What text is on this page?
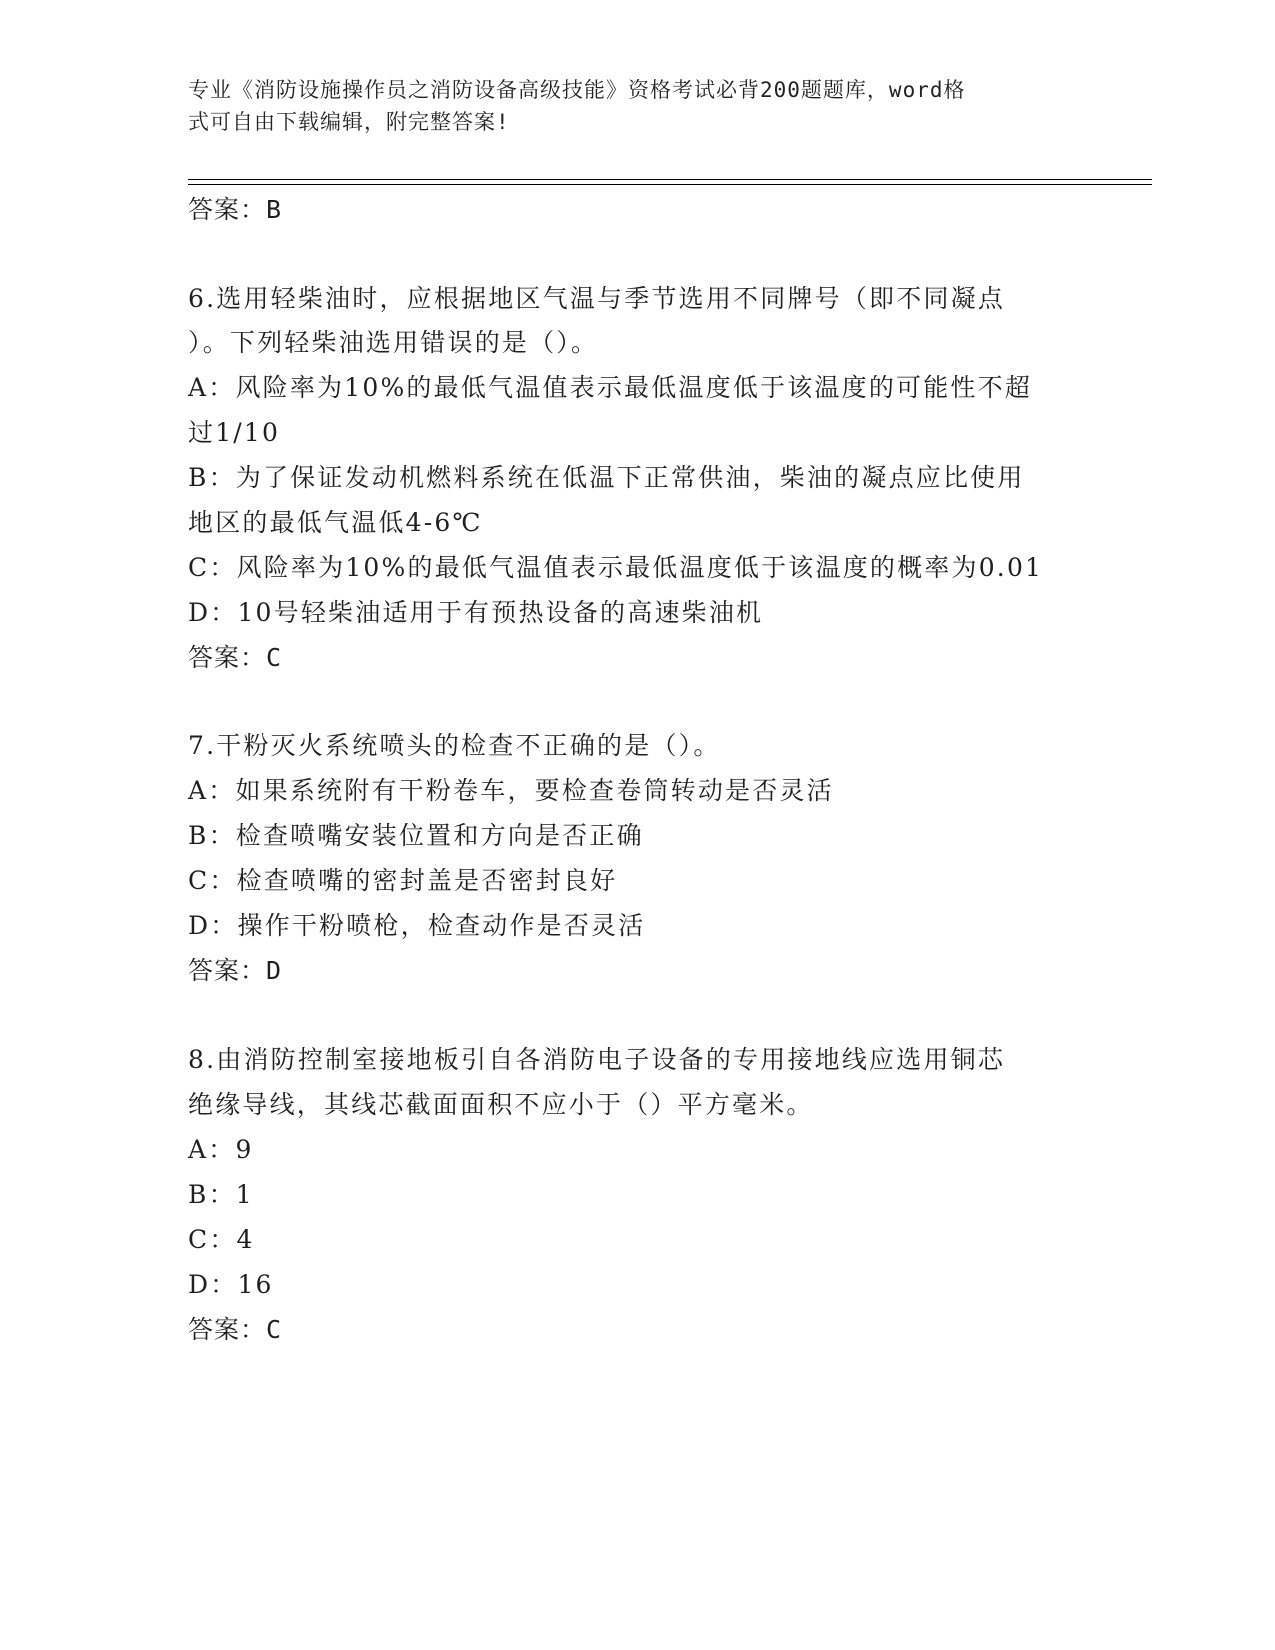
专业《消防设施操作员之消防设备高级技能》资格考试必背200题题库，word格
式可自由下载编辑，附完整答案!
答案：B
6.选用轻柴油时，应根据地区气温与季节选用不同牌号（即不同凝点
）。下列轻柴油选用错误的是（）。
A：风险率为10%的最低气温值表示最低温度低于该温度的可能性不超
过1/10
B：为了保证发动机燃料系统在低温下正常供油，柴油的凝点应比使用
地区的最低气温低4-6℃
C：风险率为10%的最低气温值表示最低温度低于该温度的概率为0.01
D：10号轻柴油适用于有预热设备的高速柴油机
答案：C
7.干粉灭火系统喷头的检查不正确的是（）。
A：如果系统附有干粉卷车，要检查卷筒转动是否灵活
B：检查喷嘴安装位置和方向是否正确
C：检查喷嘴的密封盖是否密封良好
D：操作干粉喷枪，检查动作是否灵活
答案：D
8.由消防控制室接地板引自各消防电子设备的专用接地线应选用铜芯
绝缘导线，其线芯截面面积不应小于（）平方毫米。
A：9
B：1
C：4
D：16
答案：C
